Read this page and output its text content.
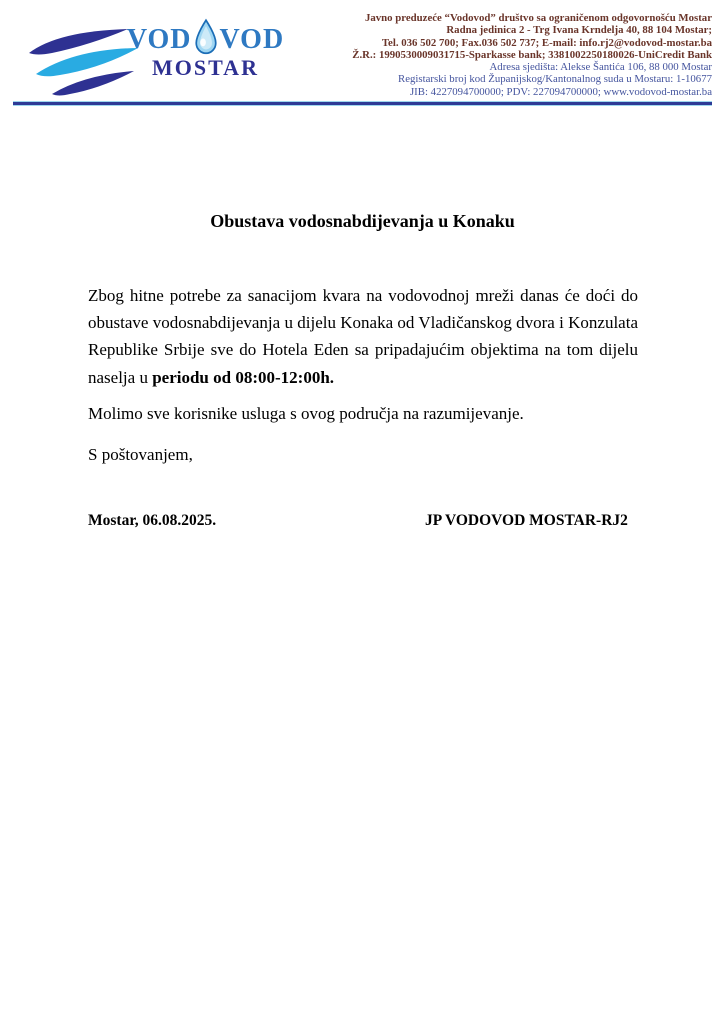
VOD VOD
MOSTAR
Javno preduzeće “Vodovod” društvo sa ograničenom odgovornošću Mostar
Radna jedinica 2 - Trg Ivana Krndelja 40, 88 104 Mostar;
Tel. 036 502 700; Fax.036 502 737; E-mail: info.rj2@vodovod-mostar.ba
Ž.R.: 1990530009031715-Sparkasse bank; 3381002250180026-UniCredit Bank
Adresa sjedišta: Alekse Šantića 106, 88 000 Mostar
Registarski broj kod Županijskog/Kantonalnog suda u Mostaru: 1-10677
JIB: 4227094700000; PDV: 227094700000; www.vodovod-mostar.ba
Obustava vodosnabdijevanja u Konaku
Zbog hitne potrebe za sanacijom kvara na vodovodnoj mreži danas će doći do obustave vodosnabdijevanja u dijelu Konaka od Vladičanskog dvora i Konzulata Republike Srbije sve do Hotela Eden sa pripadajućim objektima na tom dijelu naselja u periodu od 08:00-12:00h.
Molimo sve korisnike usluga s ovog područja na razumijevanje.
S poštovanjem,
Mostar, 06.08.2025.	JP VODOVOD MOSTAR-RJ2
